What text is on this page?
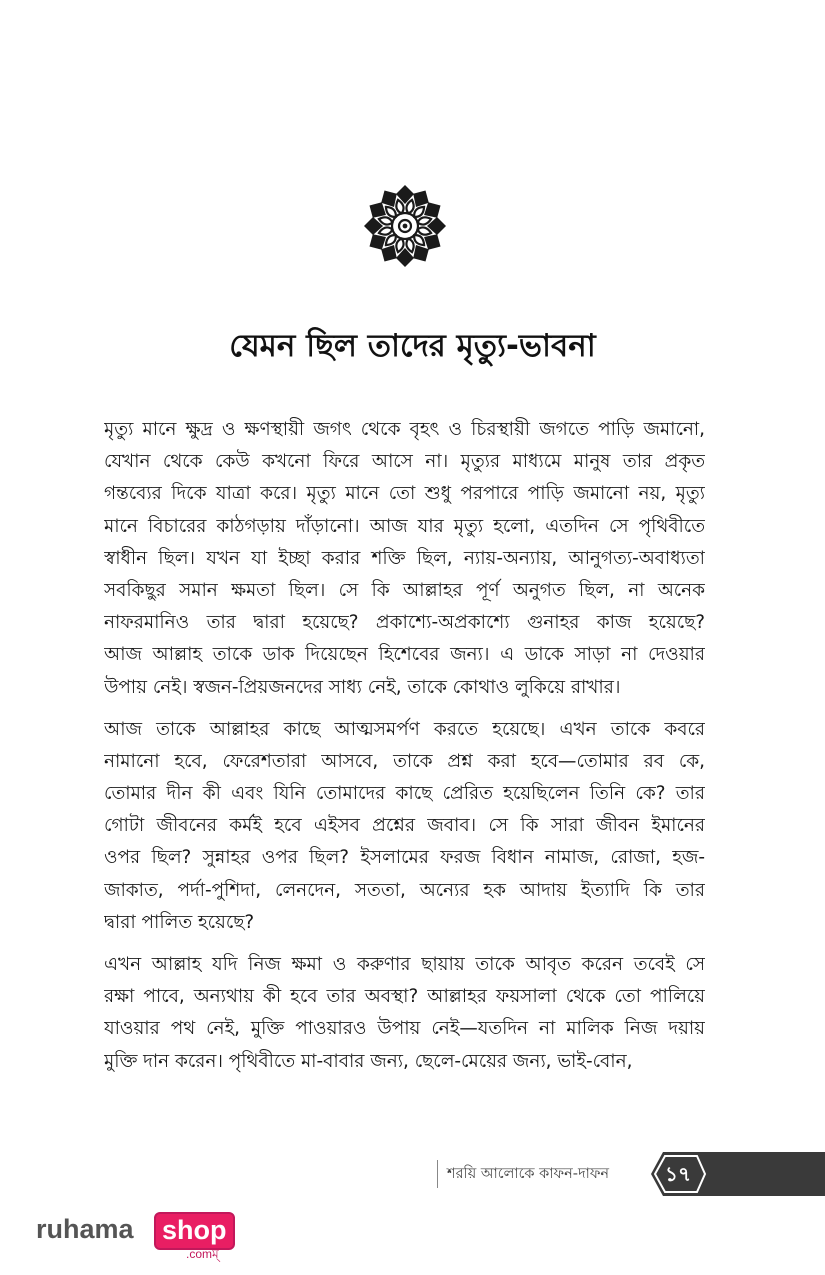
যেমন ছিল তাদের মৃত্যু-ভাবনা
মৃত্যু মানে ক্ষুদ্র ও ক্ষণস্থায়ী জগৎ থেকে বৃহৎ ও চিরস্থায়ী জগতে পাড়ি জমানো,
যেখান থেকে কেউ কখনো ফিরে আসে না। মৃত্যুর মাধ্যমে মানুষ তার প্রকৃত
গন্তব্যের দিকে যাত্রা করে। মৃত্যু মানে তো শুধু পরপারে পাড়ি জমানো নয়, মৃত্যু
মানে বিচারের কাঠগড়ায় দাঁড়ানো। আজ যার মৃত্যু হলো, এতদিন সে পৃথিবীতে
স্বাধীন ছিল। যখন যা ইচ্ছা করার শক্তি ছিল, ন্যায়-অন্যায়, আনুগত্য-অবাধ্যতা
সবকিছুর সমান ক্ষমতা ছিল। সে কি আল্লাহর পূর্ণ অনুগত ছিল, না অনেক
নাফরমানিও তার দ্বারা হয়েছে? প্রকাশ্যে-অপ্রকাশ্যে গুনাহর কাজ হয়েছে?
আজ আল্লাহ তাকে ডাক দিয়েছেন হিশেবের জন্য। এ ডাকে সাড়া না দেওয়ার
উপায় নেই। স্বজন-প্রিয়জনদের সাধ্য নেই, তাকে কোথাও লুকিয়ে রাখার।
আজ তাকে আল্লাহর কাছে আত্মসমর্পণ করতে হয়েছে। এখন তাকে কবরে
নামানো হবে, ফেরেশতারা আসবে, তাকে প্রশ্ন করা হবে—তোমার রব কে,
তোমার দীন কী এবং যিনি তোমাদের কাছে প্রেরিত হয়েছিলেন তিনি কে? তার
গোটা জীবনের কর্মই হবে এইসব প্রশ্নের জবাব। সে কি সারা জীবন ইমানের
ওপর ছিল? সুন্নাহর ওপর ছিল? ইসলামের ফরজ বিধান নামাজ, রোজা, হজ-
জাকাত, পর্দা-পুশিদা, লেনদেন, সততা, অন্যের হক আদায় ইত্যাদি কি তার
দ্বারা পালিত হয়েছে?
এখন আল্লাহ যদি নিজ ক্ষমা ও করুণার ছায়ায় তাকে আবৃত করেন তবেই সে
রক্ষা পাবে, অন্যথায় কী হবে তার অবস্থা? আল্লাহর ফয়সালা থেকে তো পালিয়ে
যাওয়ার পথ নেই, মুক্তি পাওয়ারও উপায় নেই—যতদিন না মালিক নিজ দয়ায়
মুক্তি দান করেন। পৃথিবীতে মা-বাবার জন্য, ছেলে-মেয়ের জন্য, ভাই-বোন,
শরয়ি আলোকে কাফন-দাফন	১৭
ruhama shop
.comম্
